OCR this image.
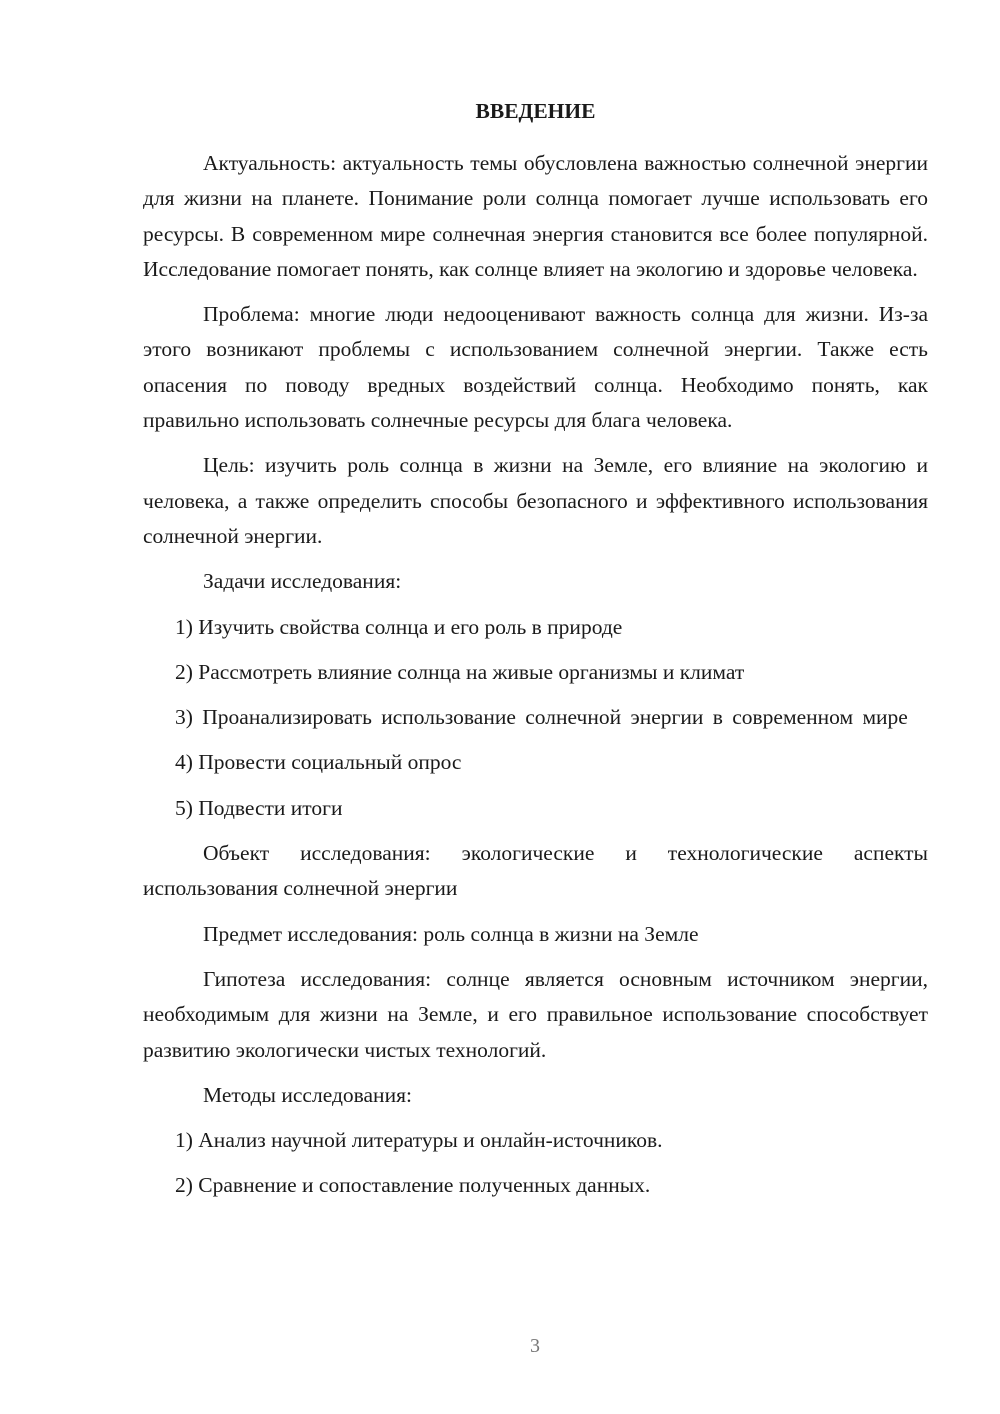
ВВЕДЕНИЕ

Актуальность: актуальность темы обусловлена важностью солнечной энергии для жизни на планете. Понимание роли солнца помогает лучше использовать его ресурсы. В современном мире солнечная энергия становится все более популярной. Исследование помогает понять, как солнце влияет на экологию и здоровье человека.

Проблема: многие люди недооценивают важность солнца для жизни. Из-за этого возникают проблемы с использованием солнечной энергии. Также есть опасения по поводу вредных воздействий солнца. Необходимо понять, как правильно использовать солнечные ресурсы для блага человека.

Цель: изучить роль солнца в жизни на Земле, его влияние на экологию и человека, а также определить способы безопасного и эффективного использования солнечной энергии.

Задачи исследования:

1) Изучить свойства солнца и его роль в природе

2) Рассмотреть влияние солнца на живые организмы и климат

3) Проанализировать использование солнечной энергии в современном мире

4) Провести социальный опрос

5) Подвести итоги

Объект исследования: экологические и технологические аспекты использования солнечной энергии

Предмет исследования: роль солнца в жизни на Земле

Гипотеза исследования: солнце является основным источником энергии, необходимым для жизни на Земле, и его правильное использование способствует развитию экологически чистых технологий.

Методы исследования:

1) Анализ научной литературы и онлайн-источников.

2) Сравнение и сопоставление полученных данных.

3
